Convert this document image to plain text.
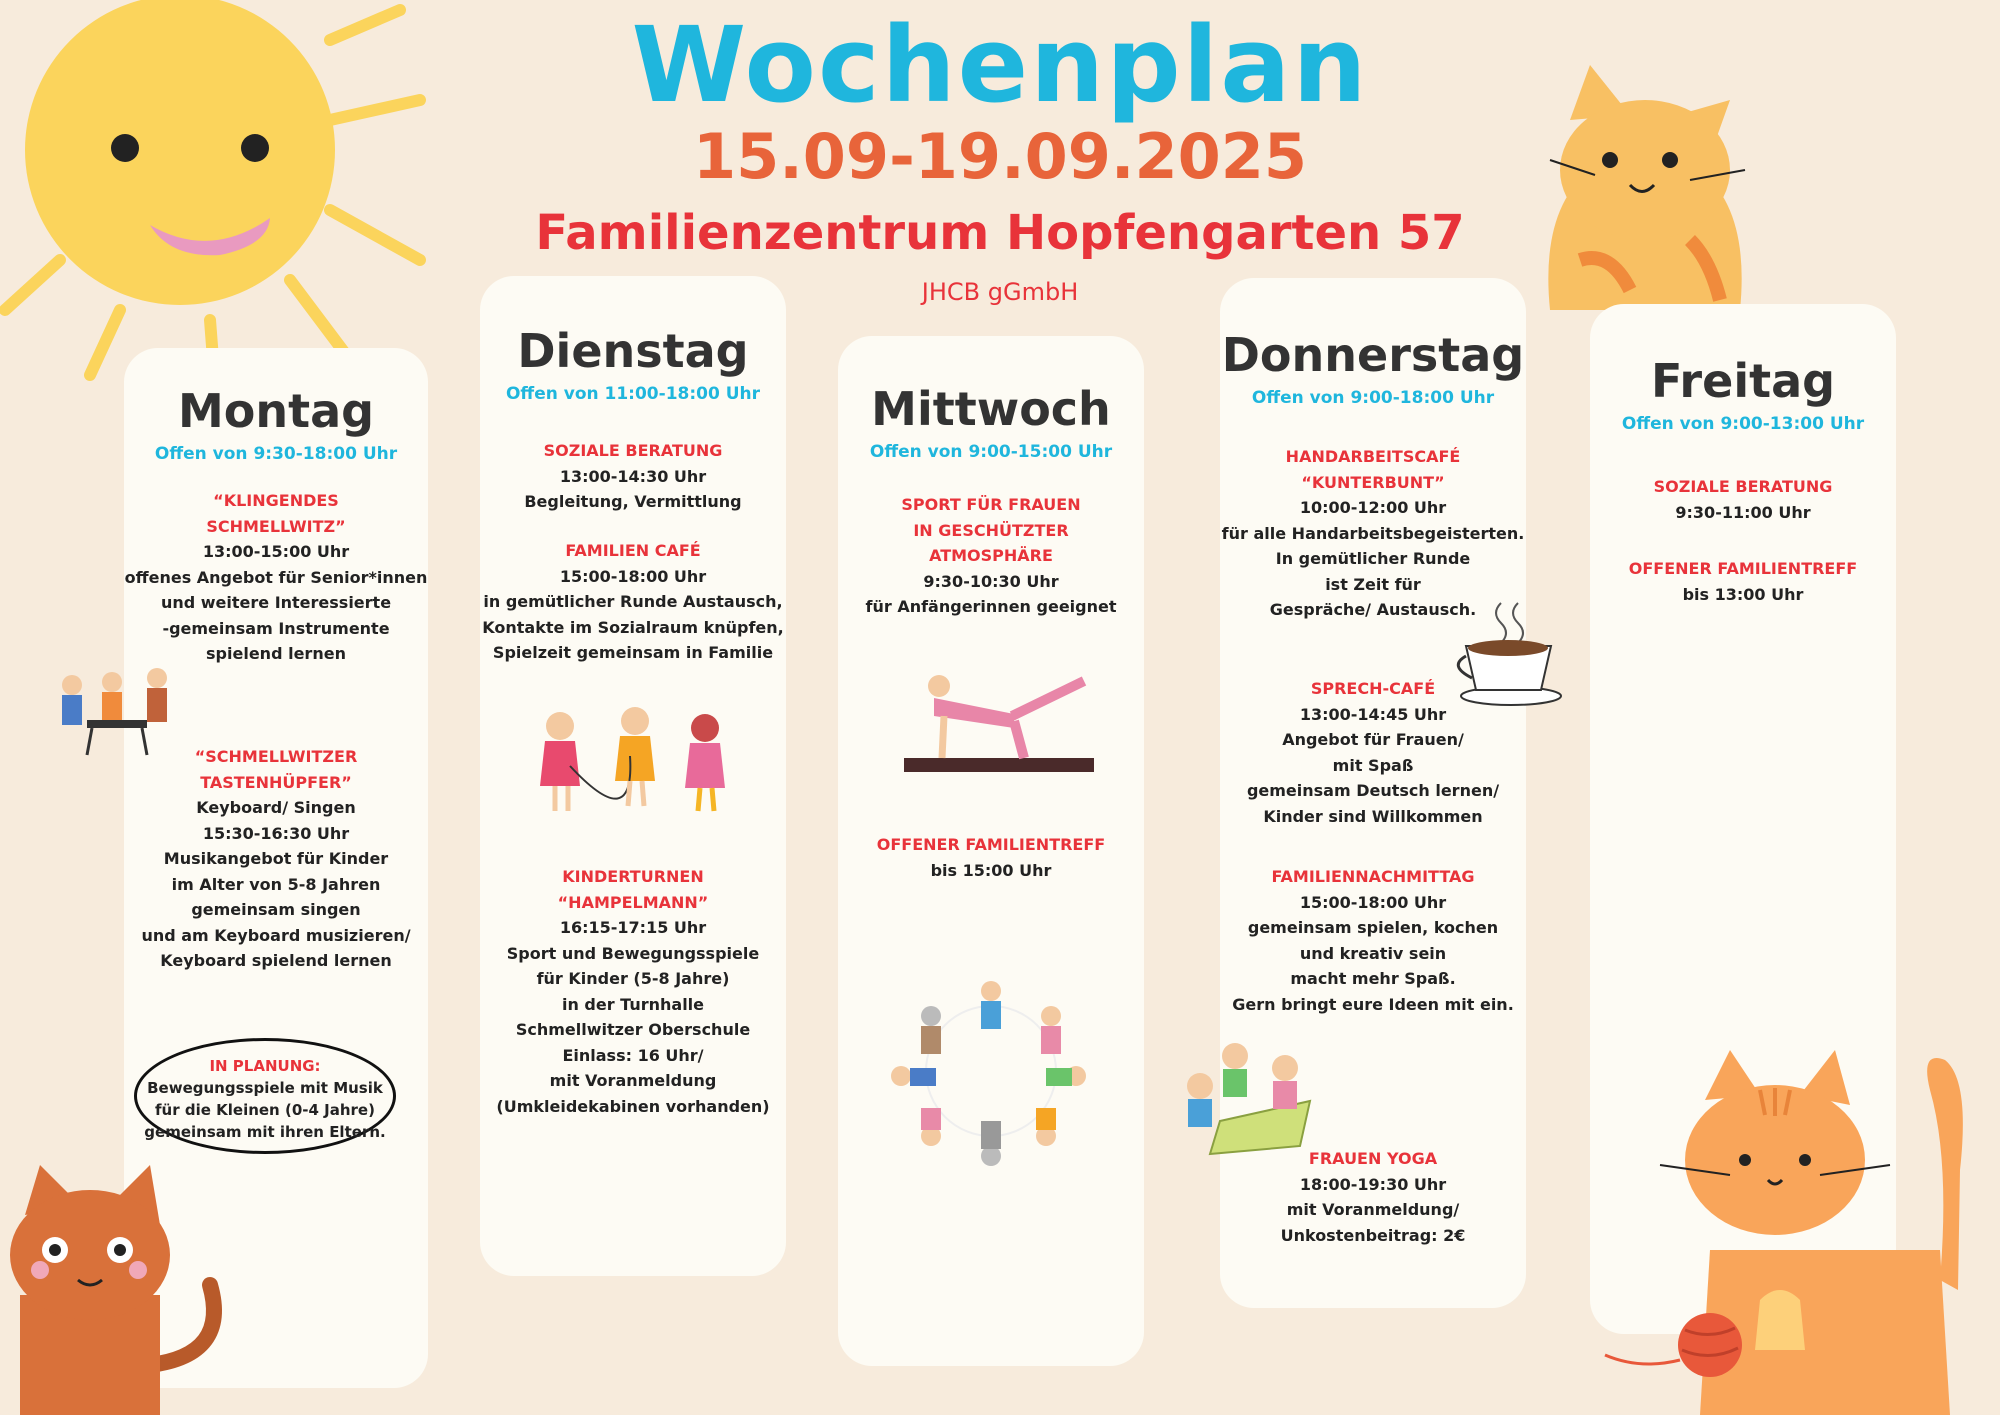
Wochenplan
15.09-19.09.2025
Familienzentrum Hopfengarten 57
JHCB gGmbH
Montag
Offen von 9:30-18:00 Uhr
“KLINGENDES
SCHMELLWITZ”
13:00-15:00 Uhr
offenes Angebot für Senior*innen
und weitere Interessierte
-gemeinsam Instrumente
spielend lernen
“SCHMELLWITZER
TASTENHÜPFER”
Keyboard/ Singen
15:30-16:30 Uhr
Musikangebot für Kinder
im Alter von 5-8 Jahren
gemeinsam singen
und am Keyboard musizieren/
Keyboard spielend lernen
IN PLANUNG:
Bewegungsspiele mit Musik
für die Kleinen (0-4 Jahre)
gemeinsam mit ihren Eltern.
Dienstag
Offen von 11:00-18:00 Uhr
SOZIALE BERATUNG
13:00-14:30 Uhr
Begleitung, Vermittlung
FAMILIEN CAFÉ
15:00-18:00 Uhr
in gemütlicher Runde Austausch,
Kontakte im Sozialraum knüpfen,
Spielzeit gemeinsam in Familie
KINDERTURNEN
“HAMPELMANN”
16:15-17:15 Uhr
Sport und Bewegungsspiele
für Kinder (5-8 Jahre)
in der Turnhalle
Schmellwitzer Oberschule
Einlass: 16 Uhr/
mit Voranmeldung
(Umkleidekabinen vorhanden)
Mittwoch
Offen von 9:00-15:00 Uhr
SPORT FÜR FRAUEN
IN GESCHÜTZTER
ATMOSPHÄRE
9:30-10:30 Uhr
für Anfängerinnen geeignet
OFFENER FAMILIENTREFF
bis 15:00 Uhr
Donnerstag
Offen von 9:00-18:00 Uhr
HANDARBEITSCAFÉ
“KUNTERBUNT”
10:00-12:00 Uhr
für alle Handarbeitsbegeisterten.
In gemütlicher Runde
ist Zeit für
Gespräche/ Austausch.
SPRECH-CAFÉ
13:00-14:45 Uhr
Angebot für Frauen/
mit Spaß
gemeinsam Deutsch lernen/
Kinder sind Willkommen
FAMILIENNACHMITTAG
15:00-18:00 Uhr
gemeinsam spielen, kochen
und kreativ sein
macht mehr Spaß.
Gern bringt eure Ideen mit ein.
FRAUEN YOGA
18:00-19:30 Uhr
mit Voranmeldung/
Unkostenbeitrag: 2€
Freitag
Offen von 9:00-13:00 Uhr
SOZIALE BERATUNG
9:30-11:00 Uhr
OFFENER FAMILIENTREFF
bis 13:00 Uhr
